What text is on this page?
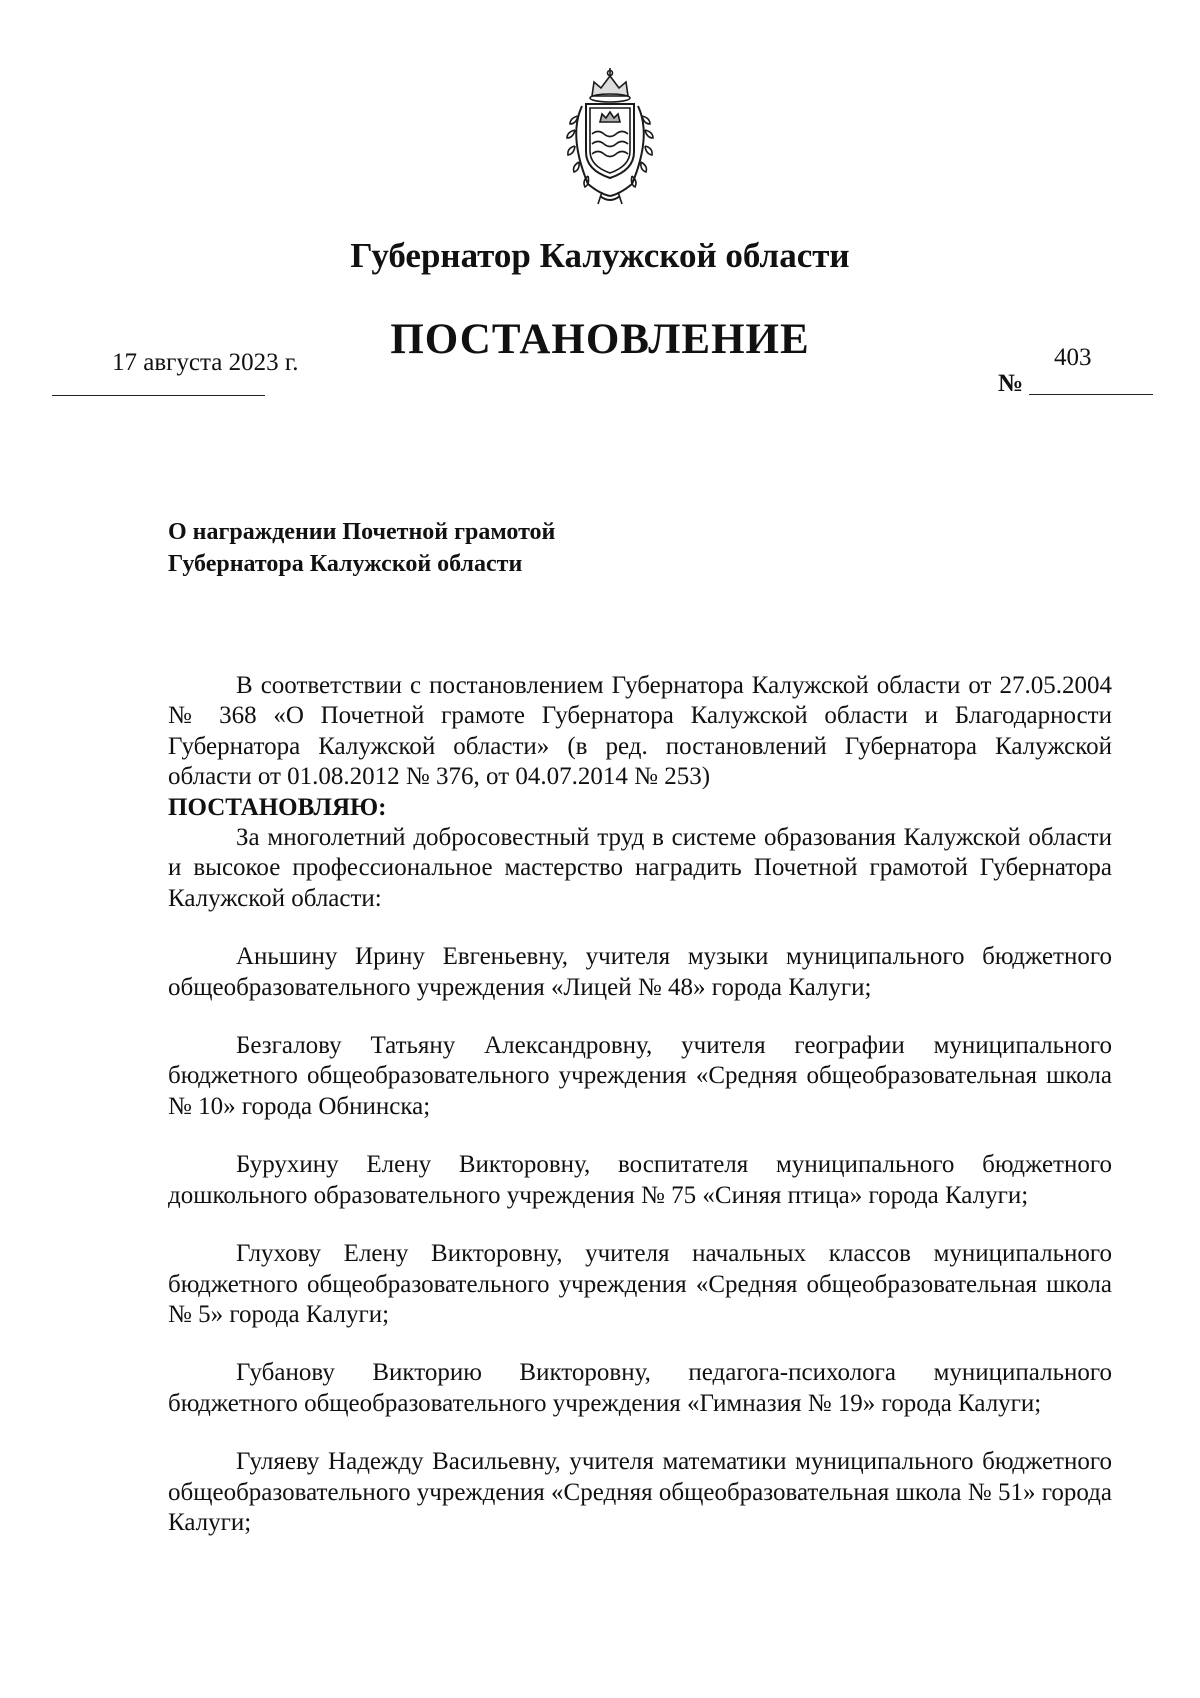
Губернатор Калужской области
ПОСТАНОВЛЕНИЕ
17 августа 2023 г.	403
№
О награждении Почетной грамотой
Губернатора Калужской области

В соответствии с постановлением Губернатора Калужской области от 27.05.2004 № 368 «О Почетной грамоте Губернатора Калужской области и Благодарности Губернатора Калужской области» (в ред. постановлений Губернатора Калужской области от 01.08.2012 № 376, от 04.07.2014 № 253)

ПОСТАНОВЛЯЮ:

За многолетний добросовестный труд в системе образования Калужской области и высокое профессиональное мастерство наградить Почетной грамотой Губернатора Калужской области:

Аньшину Ирину Евгеньевну, учителя музыки муниципального бюджетного общеобразовательного учреждения «Лицей № 48» города Калуги;

Безгалову Татьяну Александровну, учителя географии муниципального бюджетного общеобразовательного учреждения «Средняя общеобразовательная школа № 10» города Обнинска;

Бурухину Елену Викторовну, воспитателя муниципального бюджетного дошкольного образовательного учреждения № 75 «Синяя птица» города Калуги;

Глухову Елену Викторовну, учителя начальных классов муниципального бюджетного общеобразовательного учреждения «Средняя общеобразовательная школа № 5» города Калуги;

Губанову Викторию Викторовну, педагога-психолога муниципального бюджетного общеобразовательного учреждения «Гимназия № 19» города Калуги;

Гуляеву Надежду Васильевну, учителя математики муниципального бюджетного общеобразовательного учреждения «Средняя общеобразовательная школа № 51» города Калуги;
